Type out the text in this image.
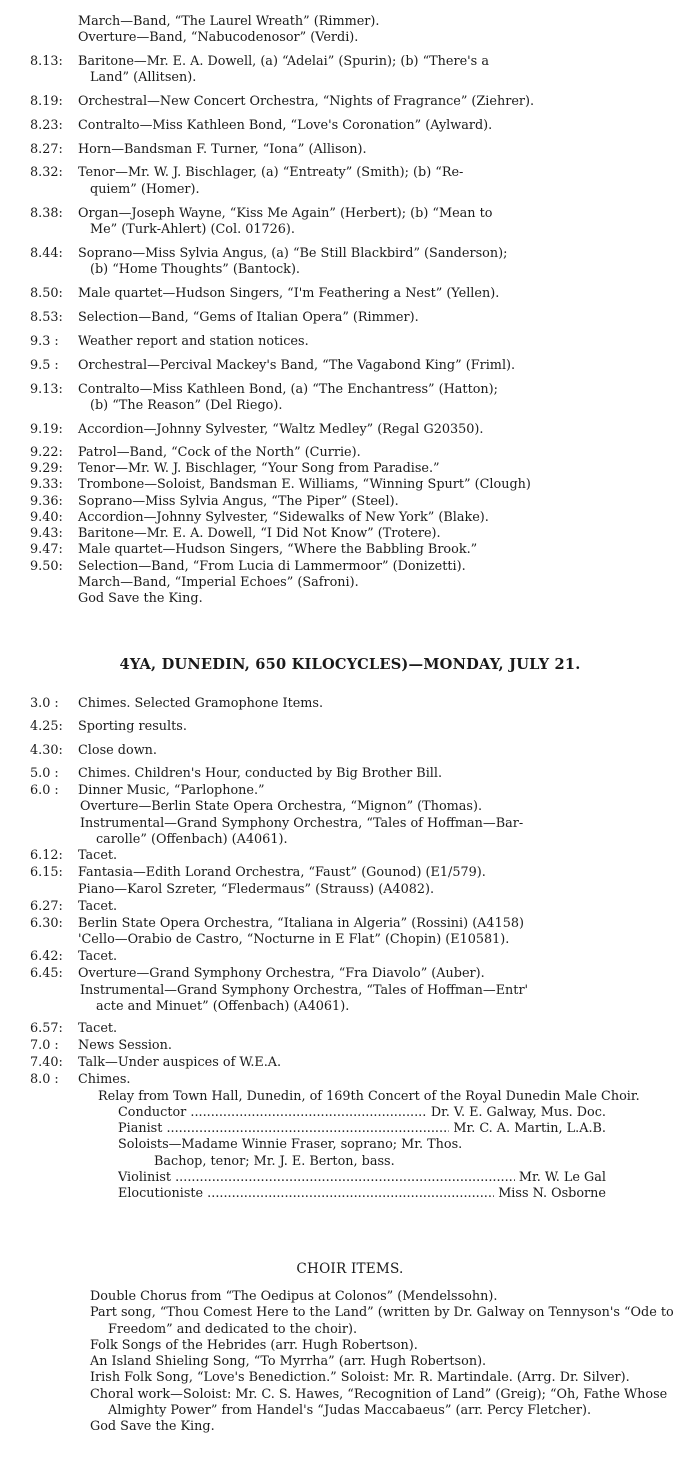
March—Band, “The Laurel Wreath” (Rimmer).
Overture—Band, “Nabucodenosor” (Verdi).
8.13:	Baritone—Mr. E. A. Dowell, (a) “Adelai” (Spurin); (b) “There's a
Land” (Allitsen).
8.19:	Orchestral—New Concert Orchestra, “Nights of Fragrance” (Ziehrer).
8.23:	Contralto—Miss Kathleen Bond, “Love's Coronation” (Aylward).
8.27:	Horn—Bandsman F. Turner, “Iona” (Allison).
8.32:	Tenor—Mr. W. J. Bischlager, (a) “Entreaty” (Smith); (b) “Re-
quiem” (Homer).
8.38:	Organ—Joseph Wayne, “Kiss Me Again” (Herbert); (b) “Mean to
Me” (Turk-Ahlert) (Col. 01726).
8.44:	Soprano—Miss Sylvia Angus, (a) “Be Still Blackbird” (Sanderson);
(b) “Home Thoughts” (Bantock).
8.50:	Male quartet—Hudson Singers, “I'm Feathering a Nest” (Yellen).
8.53:	Selection—Band, “Gems of Italian Opera” (Rimmer).
9.3 :	Weather report and station notices.
9.5 :	Orchestral—Percival Mackey's Band, “The Vagabond King” (Friml).
9.13:	Contralto—Miss Kathleen Bond, (a) “The Enchantress” (Hatton);
(b) “The Reason” (Del Riego).
9.19:	Accordion—Johnny Sylvester, “Waltz Medley” (Regal G20350).
9.22:	Patrol—Band, “Cock of the North” (Currie).
9.29:	Tenor—Mr. W. J. Bischlager, “Your Song from Paradise.”
9.33:	Trombone—Soloist, Bandsman E. Williams, “Winning Spurt” (Clough)
9.36:	Soprano—Miss Sylvia Angus, “The Piper” (Steel).
9.40:	Accordion—Johnny Sylvester, “Sidewalks of New York” (Blake).
9.43:	Baritone—Mr. E. A. Dowell, “I Did Not Know” (Trotere).
9.47:	Male quartet—Hudson Singers, “Where the Babbling Brook.”
9.50:	Selection—Band, “From Lucia di Lammermoor” (Donizetti).
March—Band, “Imperial Echoes” (Safroni).
God Save the King.
4YA, DUNEDIN, 650 KILOCYCLES)—MONDAY, JULY 21.
3.0 :	Chimes. Selected Gramophone Items.
4.25:	Sporting results.
4.30:	Close down.
5.0 :	Chimes. Children's Hour, conducted by Big Brother Bill.
6.0 :	Dinner Music, “Parlophone.”
Overture—Berlin State Opera Orchestra, “Mignon” (Thomas).
Instrumental—Grand Symphony Orchestra, “Tales of Hoffman—Bar-
carolle” (Offenbach) (A4061).
6.12:	Tacet.
6.15:	Fantasia—Edith Lorand Orchestra, “Faust” (Gounod) (E1/579).
Piano—Karol Szreter, “Fledermaus” (Strauss) (A4082).
6.27:	Tacet.
6.30:	Berlin State Opera Orchestra, “Italiana in Algeria” (Rossini) (A4158)
'Cello—Orabio de Castro, “Nocturne in E Flat” (Chopin) (E10581).
6.42:	Tacet.
6.45:	Overture—Grand Symphony Orchestra, “Fra Diavolo” (Auber).
Instrumental—Grand Symphony Orchestra, “Tales of Hoffman—Entr'
acte and Minuet” (Offenbach) (A4061).
6.57:	Tacet.
7.0 :	News Session.
7.40:	Talk—Under auspices of W.E.A.
8.0 :	Chimes.
Relay from Town Hall, Dunedin, of 169th Concert of the Royal Dunedin Male Choir.
Conductor .....	Dr. V. E. Galway, Mus. Doc.
Pianist .....	Mr. C. A. Martin, L.A.B.
Soloists—Madame Winnie Fraser, soprano; Mr. Thos.
Bachop, tenor; Mr. J. E. Berton, bass.
Violinist .....	Mr. W. Le Gal
Elocutioniste .....	Miss N. Osborne
CHOIR ITEMS.
Double Chorus from “The Oedipus at Colonos” (Mendelssohn).
Part song, “Thou Comest Here to the Land” (written by Dr. Galway on Tennyson's “Ode to Freedom” and dedicated to the choir).
Folk Songs of the Hebrides (arr. Hugh Robertson).
An Island Shieling Song, “To Myrrha” (arr. Hugh Robertson).
Irish Folk Song, “Love's Benediction.” Soloist: Mr. R. Martindale. (Arrg. Dr. Silver).
Choral work—Soloist: Mr. C. S. Hawes, “Recognition of Land” (Greig); “Oh, Fathe Whose Almighty Power” from Handel's “Judas Maccabaeus” (arr. Percy Fletcher).
God Save the King.
